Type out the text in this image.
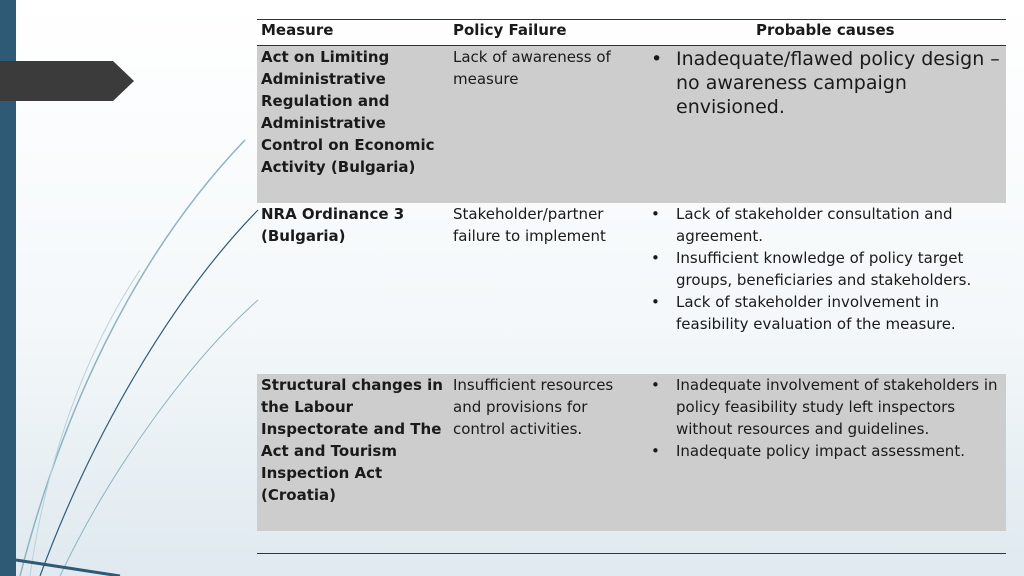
Measure	Policy Failure	Probable causes
Act on Limiting Administrative Regulation and Administrative Control on Economic Activity (Bulgaria)
Lack of awareness of measure
• Inadequate/flawed policy design – no awareness campaign envisioned.
NRA Ordinance 3 (Bulgaria)
Stakeholder/partner failure to implement
• Lack of stakeholder consultation and agreement.
• Insufficient knowledge of policy target groups, beneficiaries and stakeholders.
• Lack of stakeholder involvement in feasibility evaluation of the measure.
Structural changes in the Labour Inspectorate and The Act and Tourism Inspection Act (Croatia)
Insufficient resources and provisions for control activities.
• Inadequate involvement of stakeholders in policy feasibility study left inspectors without resources and guidelines.
• Inadequate policy impact assessment.
